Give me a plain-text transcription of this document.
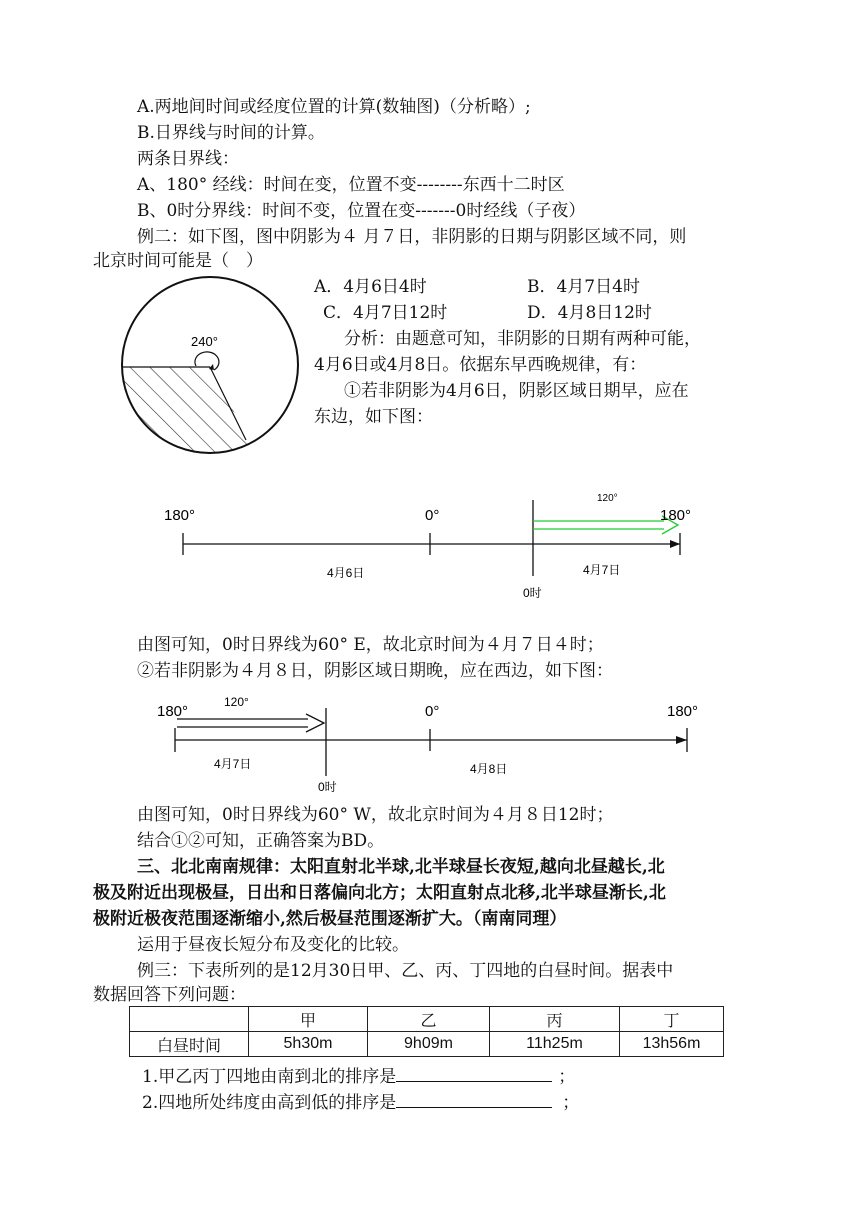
A.两地间时间或经度位置的计算(数轴图)（分析略）;
B.日界线与时间的计算。
两条日界线：
A、180° 经线：时间在变，位置不变--------东西十二时区
B、0时分界线：时间不变，位置在变-------0时经线（子夜）
例二：如下图，图中阴影为４ 月７日，非阴影的日期与阴影区域不同，则
北京时间可能是（　）
A．4月6日4时	B．4月7日4时
C．4月7日12时	D．4月8日12时
分析：由题意可知，非阴影的日期有两种可能，
4月6日或4月8日。依据东早西晚规律，有：
①若非阴影为4月6日，阴影区域日期早，应在
东边，如下图：
240°
180°	0°	180°
120°
4月6日	4月7日
0时
180°	0°	180°
120°
4月7日	4月8日
0时
由图可知，0时日界线为60° E，故北京时间为４月７日４时；
②若非阴影为４月８日，阴影区域日期晚，应在西边，如下图：
由图可知，0时日界线为60° W，故北京时间为４月８日12时；
结合①②可知，正确答案为BD。
三、北北南南规律：太阳直射北半球,北半球昼长夜短,越向北昼越长,北
极及附近出现极昼，日出和日落偏向北方；太阳直射点北移,北半球昼渐长,北
极附近极夜范围逐渐缩小,然后极昼范围逐渐扩大。（南南同理）
运用于昼夜长短分布及变化的比较。
例三：下表所列的是12月30日甲、乙、丙、丁四地的白昼时间。据表中
数据回答下列问题：
	甲	乙	丙	丁
白昼时间	5h30m	9h09m	11h25m	13h56m
1.甲乙丙丁四地由南到北的排序是	；
2.四地所处纬度由高到低的排序是	；
